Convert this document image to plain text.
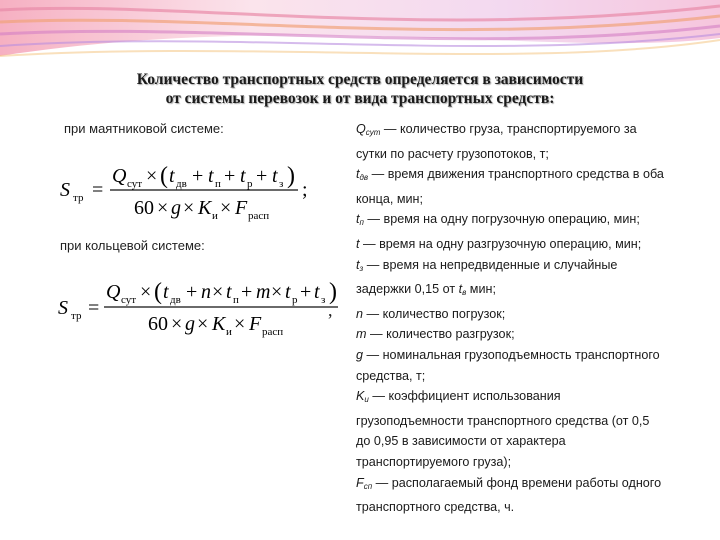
Количество транспортных средств определяется в зависимости
от системы перевозок и от вида транспортных средств:
при маятниковой системе:
при кольцевой системе:
S тр =
Q сут × ( t дв + t п + t р + t з )
60 × g × K и × F расп
;
S тр =
Q сут × ( t дв + n × t п + m × t р + t з )
60 × g × K и × F расп
,
$Q_{сут}$ — количество груза, транспортируемого за
сутки по расчету грузопотоков, т;
$t_{дв}$ — время движения транспортного средства в оба
конца, мин;
$t_п$ — время на одну погрузочную операцию, мин;
t — время на одну разгрузочную операцию, мин;
$t_з$ — время на непредвиденные и случайные
задержки 0,15 от $t_в$ мин;
n — количество погрузок;
m — количество разгрузок;
g — номинальная грузоподъемность транспортного
средства, т;
$K_и$ — коэффициент использования
грузоподъемности транспортного средства (от 0,5
до 0,95 в зависимости от характера
транспортируемого груза);
$F_{сп}$ — располагаемый фонд времени работы одного
транспортного средства, ч.
